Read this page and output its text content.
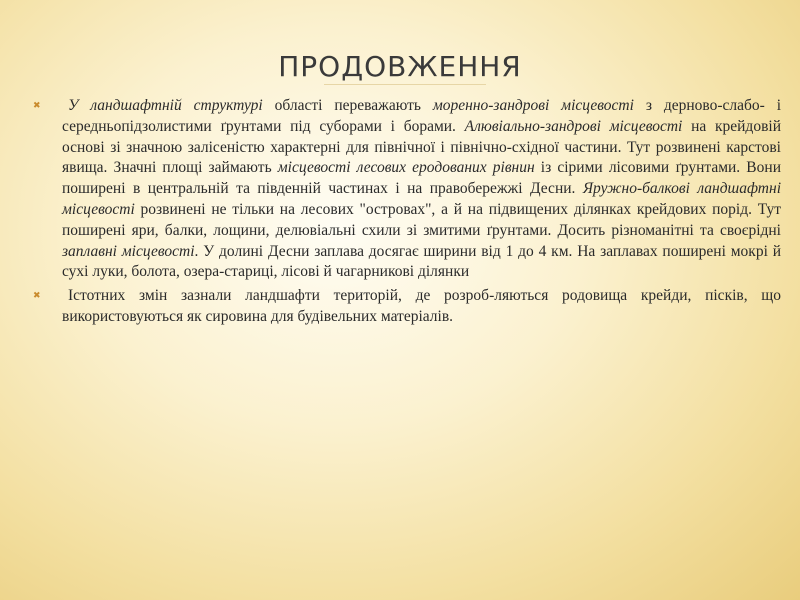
ПРОДОВЖЕННЯ

✖ У ландшафтній структурі області переважають моренно-зандрові місцевості з дерново-слабо- і середньопідзолистими ґрунтами під суборами і борами. Алювіально-зандрові місцевості на крейдовій основі зі значною залісеністю характерні для північної і північно-східної частини. Тут розвинені карстові явища. Значні площі займають місцевості лесових еродованих рівнин із сірими лісовими ґрунтами. Вони поширені в центральній та південній частинах і на правобережжі Десни. Яружно-балкові ландшафтні місцевості розвинені не тільки на лесових "островах", а й на підвищених ділянках крейдових порід. Тут поширені яри, балки, лощини, делювіальні схили зі змитими ґрунтами. Досить різноманітні та своєрідні заплавні місцевості. У долині Десни заплава досягає ширини від 1 до 4 км. На заплавах поширені мокрі й сухі луки, болота, озера-стариці, лісові й чагарникові ділянки

✖ Істотних змін зазнали ландшафти територій, де розроб-ляються родовища крейди, пісків, що використовуються як сировина для будівельних матеріалів.
